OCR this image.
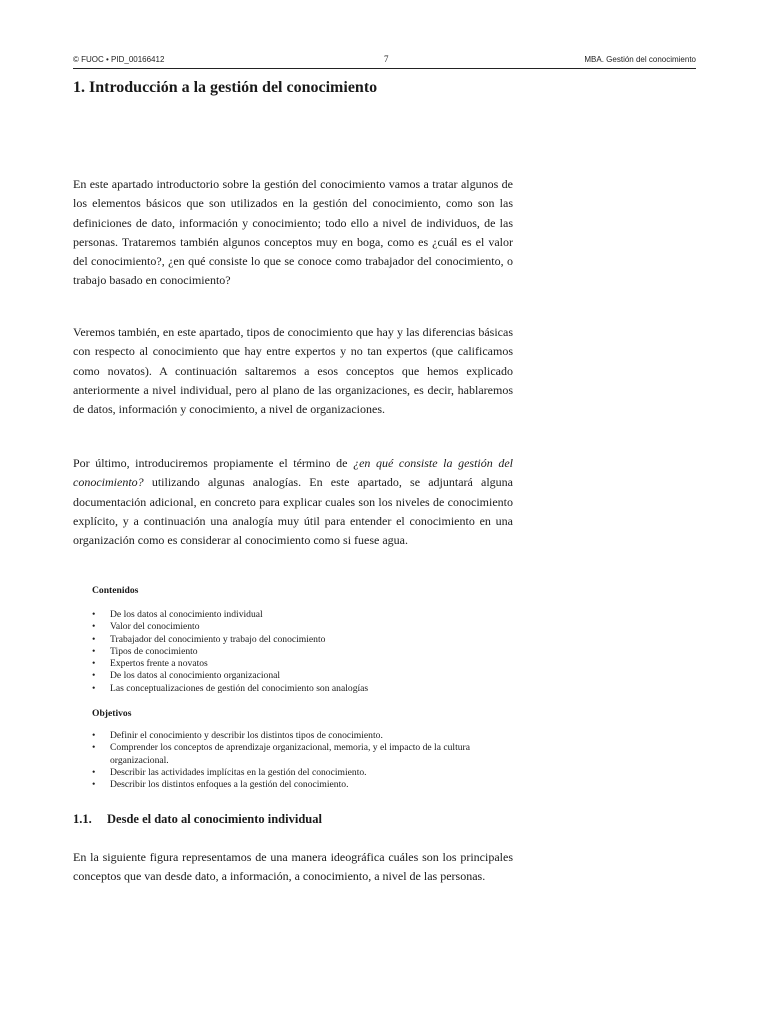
© FUOC • PID_00166412	7	MBA. Gestión del conocimiento
1. Introducción a la gestión del conocimiento

En este apartado introductorio sobre la gestión del conocimiento vamos a tratar algunos de los elementos básicos que son utilizados en la gestión del conocimiento, como son las definiciones de dato, información y conocimiento; todo ello a nivel de individuos, de las personas. Trataremos también algunos conceptos muy en boga, como es ¿cuál es el valor del conocimiento?, ¿en qué consiste lo que se conoce como trabajador del conocimiento, o trabajo basado en conocimiento?

Veremos también, en este apartado, tipos de conocimiento que hay y las diferencias básicas con respecto al conocimiento que hay entre expertos y no tan expertos (que calificamos como novatos). A continuación saltaremos a esos conceptos que hemos explicado anteriormente a nivel individual, pero al plano de las organizaciones, es decir, hablaremos de datos, información y conocimiento, a nivel de organizaciones.

Por último, introduciremos propiamente el término de ¿en qué consiste la gestión del conocimiento? utilizando algunas analogías. En este apartado, se adjuntará alguna documentación adicional, en concreto para explicar cuales son los niveles de conocimiento explícito, y a continuación una analogía muy útil para entender el conocimiento en una organización como es considerar al conocimiento como si fuese agua.

Contenidos

• De los datos al conocimiento individual
• Valor del conocimiento
• Trabajador del conocimiento y trabajo del conocimiento
• Tipos de conocimiento
• Expertos frente a novatos
• De los datos al conocimiento organizacional
• Las conceptualizaciones de gestión del conocimiento son analogías

Objetivos

• Definir el conocimiento y describir los distintos tipos de conocimiento.
• Comprender los conceptos de aprendizaje organizacional, memoria, y el impacto de la cultura organizacional.
• Describir las actividades implícitas en la gestión del conocimiento.
• Describir los distintos enfoques a la gestión del conocimiento.
1.1. Desde el dato al conocimiento individual

En la siguiente figura representamos de una manera ideográfica cuáles son los principales conceptos que van desde dato, a información, a conocimiento, a nivel de las personas.
